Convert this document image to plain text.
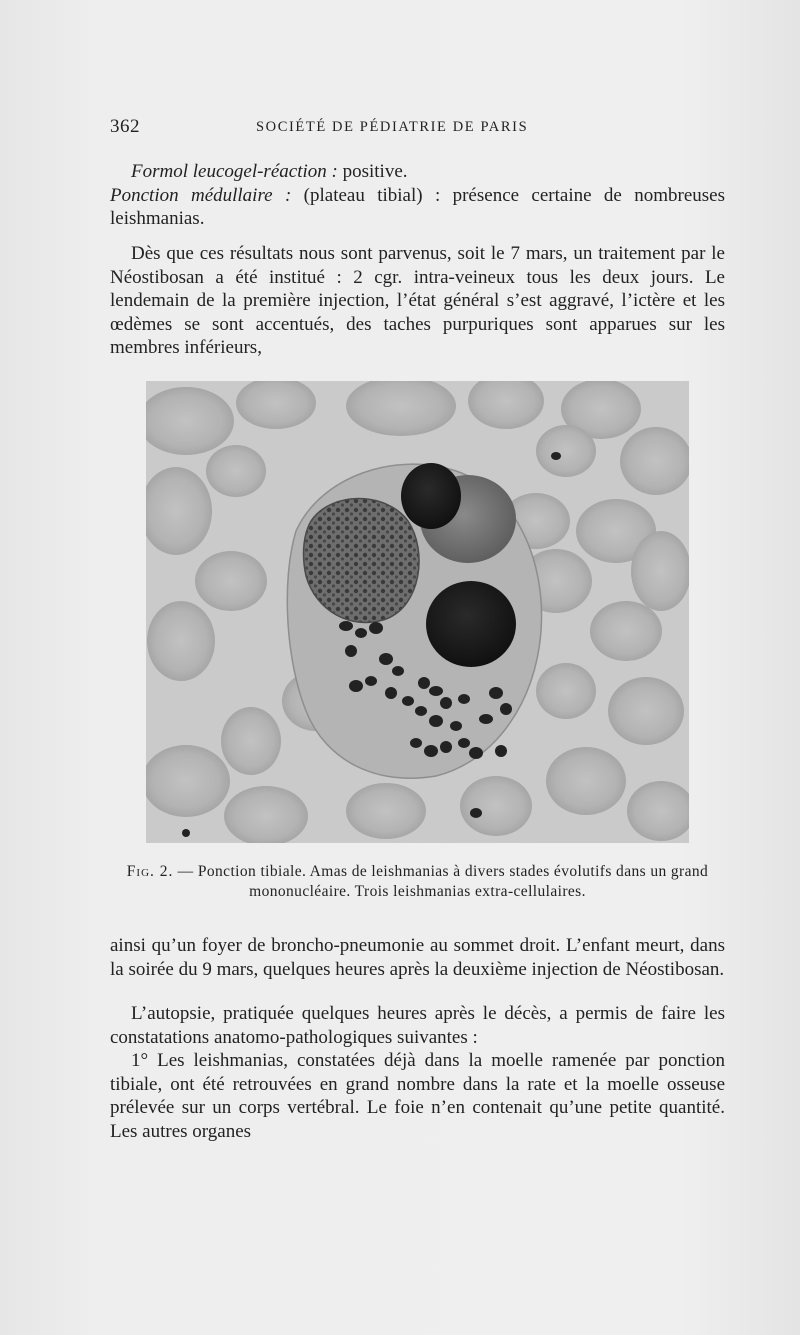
362	SOCIÉTÉ DE PÉDIATRIE DE PARIS

Formol leucogel-réaction : positive.
Ponction médullaire : (plateau tibial) : présence certaine de nombreuses leishmanias.

Dès que ces résultats nous sont parvenus, soit le 7 mars, un traitement par le Néostibosan a été institué : 2 cgr. intra-veineux tous les deux jours. Le lendemain de la première injection, l’état général s’est aggravé, l’ictère et les œdèmes se sont accentués, des taches purpuriques sont apparues sur les membres inférieurs,

Fig. 2. — Ponction tibiale. Amas de leishmanias à divers stades évolutifs dans un grand mononucléaire. Trois leishmanias extra-cellulaires.

ainsi qu’un foyer de broncho-pneumonie au sommet droit. L’enfant meurt, dans la soirée du 9 mars, quelques heures après la deuxième injection de Néostibosan.

L’autopsie, pratiquée quelques heures après le décès, a permis de faire les constatations anatomo-pathologiques suivantes :

1° Les leishmanias, constatées déjà dans la moelle ramenée par ponction tibiale, ont été retrouvées en grand nombre dans la rate et la moelle osseuse prélevée sur un corps vertébral. Le foie n’en contenait qu’une petite quantité. Les autres organes
